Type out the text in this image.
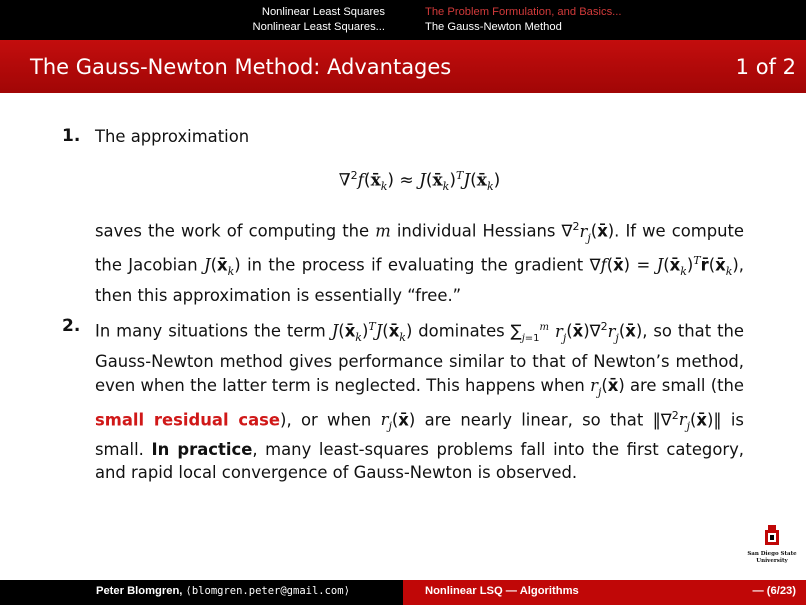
Nonlinear Least Squares
Nonlinear Least Squares...
The Problem Formulation, and Basics...
The Gauss-Newton Method
The Gauss-Newton Method: Advantages	1 of 2
1. The approximation
$\nabla^2f(x̄_k)$ ≈ $J(x̄_k)^TJ(x̄_k)$
saves the work of computing the m individual Hessians $\nabla^2r_j(x̄)$. If we compute the Jacobian $J(x̄_k)$ in the process if evaluating the gradient ∇f(x̄) = $J(x̄_k)^Tr̄(x̄_k)$, then this approximation is essentially “free.”
2. In many situations the term $J(x̄_k)^TJ(x̄_k)$ dominates $\sum_{j=1}^m$ $r_j(x̄)\nabla^2r_j(x̄)$, so that the Gauss-Newton method gives performance similar to that of Newton’s method, even when the latter term is neglected. This happens when $r_j(x̄)$ are small (the small residual case), or when $r_j(x̄)$ are nearly linear, so that $‖\nabla^2r_j(x̄)‖$ is small. In practice, many least-squares problems fall into the first category, and rapid local convergence of Gauss-Newton is observed.
San Diego State
University
Peter Blomgren, ⟨blomgren.peter@gmail.com⟩	Nonlinear LSQ — Algorithms	— (6/23)
